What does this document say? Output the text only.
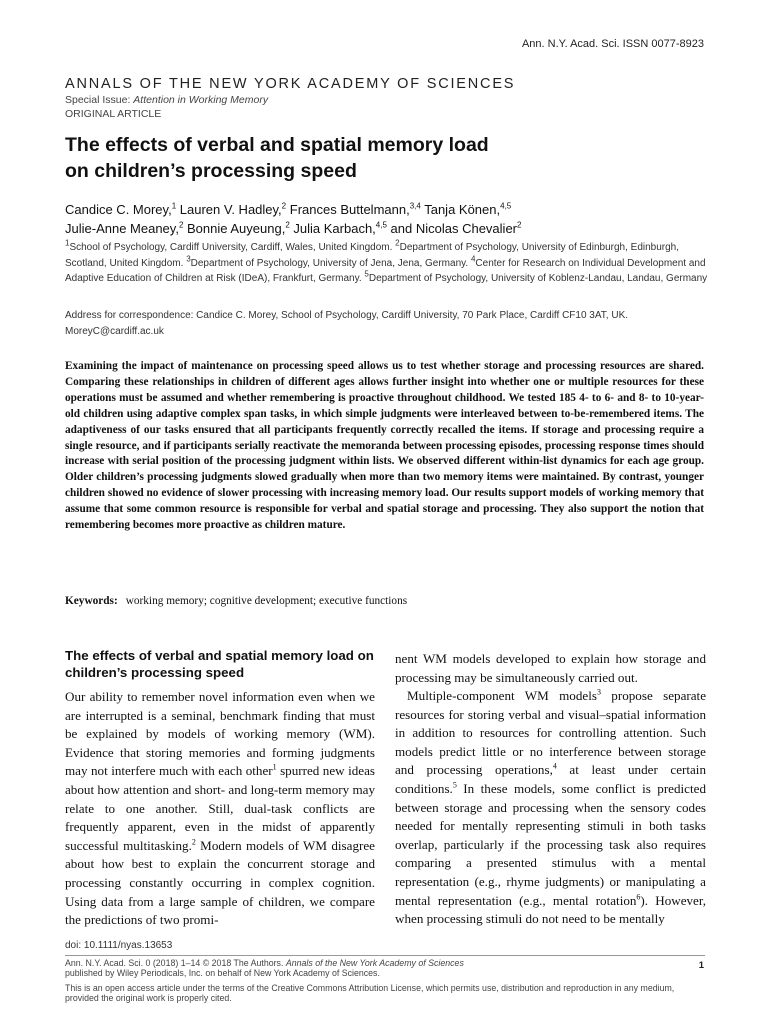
Ann. N.Y. Acad. Sci. ISSN 0077-8923
ANNALS OF THE NEW YORK ACADEMY OF SCIENCES
Special Issue: Attention in Working Memory
ORIGINAL ARTICLE
The effects of verbal and spatial memory load
on children’s processing speed
Candice C. Morey,$^1$ Lauren V. Hadley,$^2$ Frances Buttelmann,$^{3,4}$ Tanja Könen,$^{4,5}$
Julie-Anne Meaney,$^2$ Bonnie Auyeung,$^2$ Julia Karbach,$^{4,5}$ and Nicolas Chevalier$^2$
$^1$School of Psychology, Cardiff University, Cardiff, Wales, United Kingdom. $^2$Department of Psychology, University of Edinburgh, Edinburgh, Scotland, United Kingdom. $^3$Department of Psychology, University of Jena, Jena, Germany. $^4$Center for Research on Individual Development and Adaptive Education of Children at Risk (IDeA), Frankfurt, Germany. $^5$Department of Psychology, University of Koblenz-Landau, Landau, Germany
Address for correspondence: Candice C. Morey, School of Psychology, Cardiff University, 70 Park Place, Cardiff CF10 3AT, UK. MoreyC@cardiff.ac.uk
Examining the impact of maintenance on processing speed allows us to test whether storage and processing resources are shared. Comparing these relationships in children of different ages allows further insight into whether one or multiple resources for these operations must be assumed and whether remembering is proactive throughout childhood. We tested 185 4- to 6- and 8- to 10-year-old children using adaptive complex span tasks, in which simple judgments were interleaved between to-be-remembered items. The adaptiveness of our tasks ensured that all participants frequently correctly recalled the items. If storage and processing require a single resource, and if participants serially reactivate the memoranda between processing episodes, processing response times should increase with serial position of the processing judgment within lists. We observed different within-list dynamics for each age group. Older children’s processing judgments slowed gradually when more than two memory items were maintained. By contrast, younger children showed no evidence of slower processing with increasing memory load. Our results support models of working memory that assume that some common resource is responsible for verbal and spatial storage and processing. They also support the notion that remembering becomes more proactive as children mature.
Keywords: working memory; cognitive development; executive functions
The effects of verbal and spatial memory load on children’s processing speed
Our ability to remember novel information even when we are interrupted is a seminal, benchmark finding that must be explained by models of working memory (WM). Evidence that storing memories and forming judgments may not interfere much with each other$^1$ spurred new ideas about how attention and short- and long-term memory may relate to one another. Still, dual-task conflicts are frequently apparent, even in the midst of apparently successful multitasking.$^2$ Modern models of WM disagree about how best to explain the concurrent storage and processing constantly occurring in complex cognition. Using data from a large sample of children, we compare the predictions of two promi-
nent WM models developed to explain how storage and processing may be simultaneously carried out.
Multiple-component WM models$^3$ propose separate resources for storing verbal and visual–spatial information in addition to resources for controlling attention. Such models predict little or no interference between storage and processing operations,$^4$ at least under certain conditions.$^5$ In these models, some conflict is predicted between storage and processing when the sensory codes needed for mentally representing stimuli in both tasks overlap, particularly if the processing task also requires comparing a presented stimulus with a mental representation (e.g., rhyme judgments) or manipulating a mental representation (e.g., mental rotation$^6$). However, when processing stimuli do not need to be mentally
doi: 10.1111/nyas.13653
Ann. N.Y. Acad. Sci. 0 (2018) 1–14 © 2018 The Authors. Annals of the New York Academy of Sciences
published by Wiley Periodicals, Inc. on behalf of New York Academy of Sciences.
1
This is an open access article under the terms of the Creative Commons Attribution License, which permits use, distribution and reproduction in any medium, provided the original work is properly cited.
